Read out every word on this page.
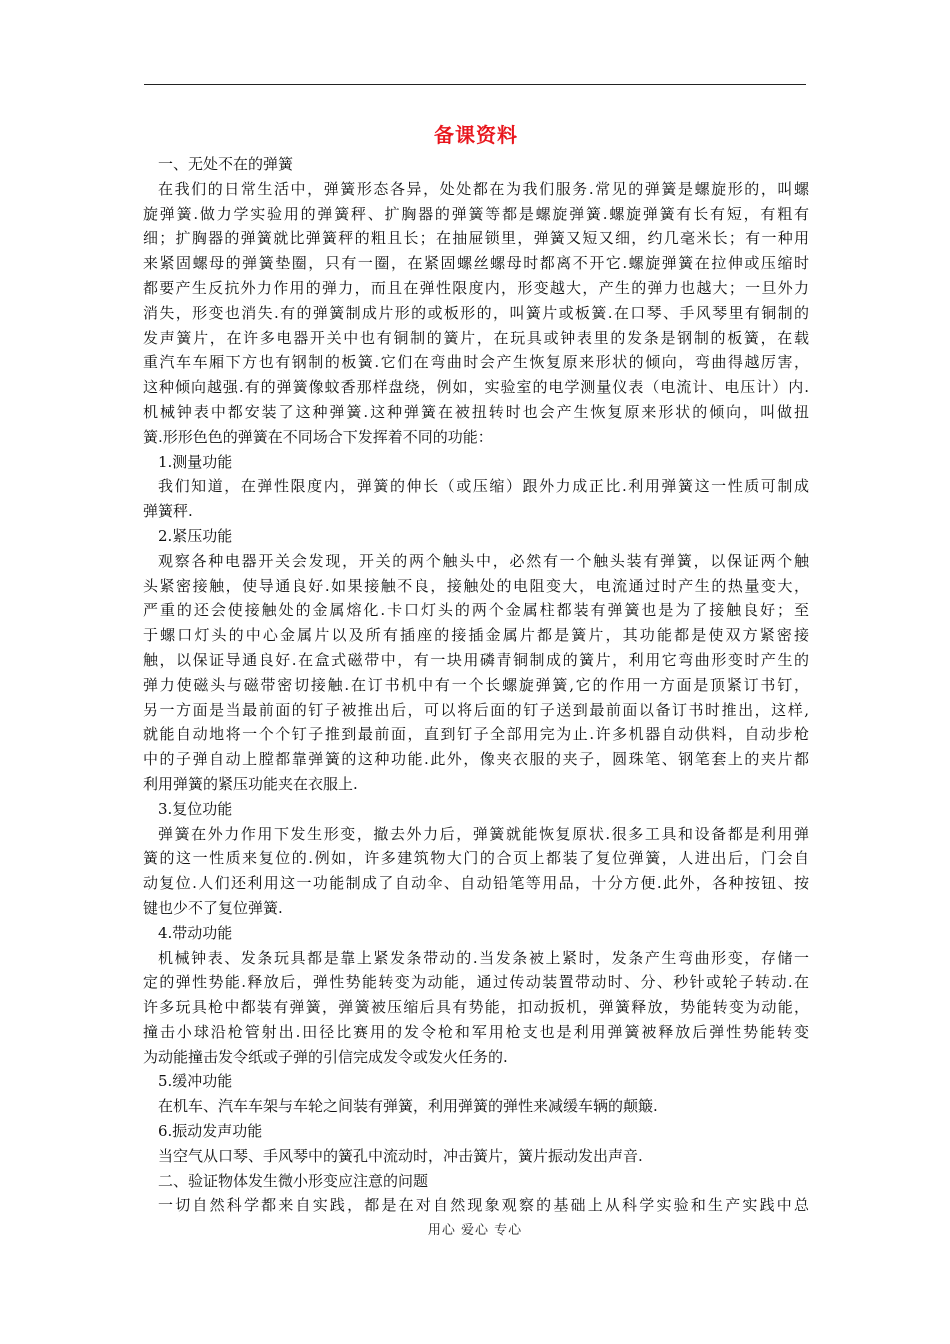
备课资料
一、无处不在的弹簧
在我们的日常生活中，弹簧形态各异，处处都在为我们服务.常见的弹簧是螺旋形的，叫螺
旋弹簧.做力学实验用的弹簧秤、扩胸器的弹簧等都是螺旋弹簧.螺旋弹簧有长有短，有粗有
细；扩胸器的弹簧就比弹簧秤的粗且长；在抽屉锁里，弹簧又短又细，约几毫米长；有一种用
来紧固螺母的弹簧垫圈，只有一圈，在紧固螺丝螺母时都离不开它.螺旋弹簧在拉伸或压缩时
都要产生反抗外力作用的弹力，而且在弹性限度内，形变越大，产生的弹力也越大；一旦外力
消失，形变也消失.有的弹簧制成片形的或板形的，叫簧片或板簧.在口琴、手风琴里有铜制的
发声簧片，在许多电器开关中也有铜制的簧片，在玩具或钟表里的发条是钢制的板簧，在载
重汽车车厢下方也有钢制的板簧.它们在弯曲时会产生恢复原来形状的倾向，弯曲得越厉害，
这种倾向越强.有的弹簧像蚊香那样盘绕，例如，实验室的电学测量仪表（电流计、电压计）内.
机械钟表中都安装了这种弹簧.这种弹簧在被扭转时也会产生恢复原来形状的倾向，叫做扭
簧.形形色色的弹簧在不同场合下发挥着不同的功能：
1.测量功能
我们知道，在弹性限度内，弹簧的伸长（或压缩）跟外力成正比.利用弹簧这一性质可制成
弹簧秤.
2.紧压功能
观察各种电器开关会发现，开关的两个触头中，必然有一个触头装有弹簧，以保证两个触
头紧密接触，使导通良好.如果接触不良，接触处的电阻变大，电流通过时产生的热量变大，
严重的还会使接触处的金属熔化.卡口灯头的两个金属柱都装有弹簧也是为了接触良好；至
于螺口灯头的中心金属片以及所有插座的接插金属片都是簧片，其功能都是使双方紧密接
触，以保证导通良好.在盒式磁带中，有一块用磷青铜制成的簧片，利用它弯曲形变时产生的
弹力使磁头与磁带密切接触.在订书机中有一个长螺旋弹簧,它的作用一方面是顶紧订书钉，
另一方面是当最前面的钉子被推出后，可以将后面的钉子送到最前面以备订书时推出，这样,
就能自动地将一个个钉子推到最前面，直到钉子全部用完为止.许多机器自动供料，自动步枪
中的子弹自动上膛都靠弹簧的这种功能.此外，像夹衣服的夹子，圆珠笔、钢笔套上的夹片都
利用弹簧的紧压功能夹在衣服上.
3.复位功能
弹簧在外力作用下发生形变，撤去外力后，弹簧就能恢复原状.很多工具和设备都是利用弹
簧的这一性质来复位的.例如，许多建筑物大门的合页上都装了复位弹簧，人进出后，门会自
动复位.人们还利用这一功能制成了自动伞、自动铅笔等用品，十分方便.此外，各种按钮、按
键也少不了复位弹簧.
4.带动功能
机械钟表、发条玩具都是靠上紧发条带动的.当发条被上紧时，发条产生弯曲形变，存储一
定的弹性势能.释放后，弹性势能转变为动能，通过传动装置带动时、分、秒针或轮子转动.在
许多玩具枪中都装有弹簧，弹簧被压缩后具有势能，扣动扳机，弹簧释放，势能转变为动能，
撞击小球沿枪管射出.田径比赛用的发令枪和军用枪支也是利用弹簧被释放后弹性势能转变
为动能撞击发令纸或子弹的引信完成发令或发火任务的.
5.缓冲功能
在机车、汽车车架与车轮之间装有弹簧，利用弹簧的弹性来减缓车辆的颠簸.
6.振动发声功能
当空气从口琴、手风琴中的簧孔中流动时，冲击簧片，簧片振动发出声音.
二、验证物体发生微小形变应注意的问题
一切自然科学都来自实践，都是在对自然现象观察的基础上从科学实验和生产实践中总
用心 爱心 专心
